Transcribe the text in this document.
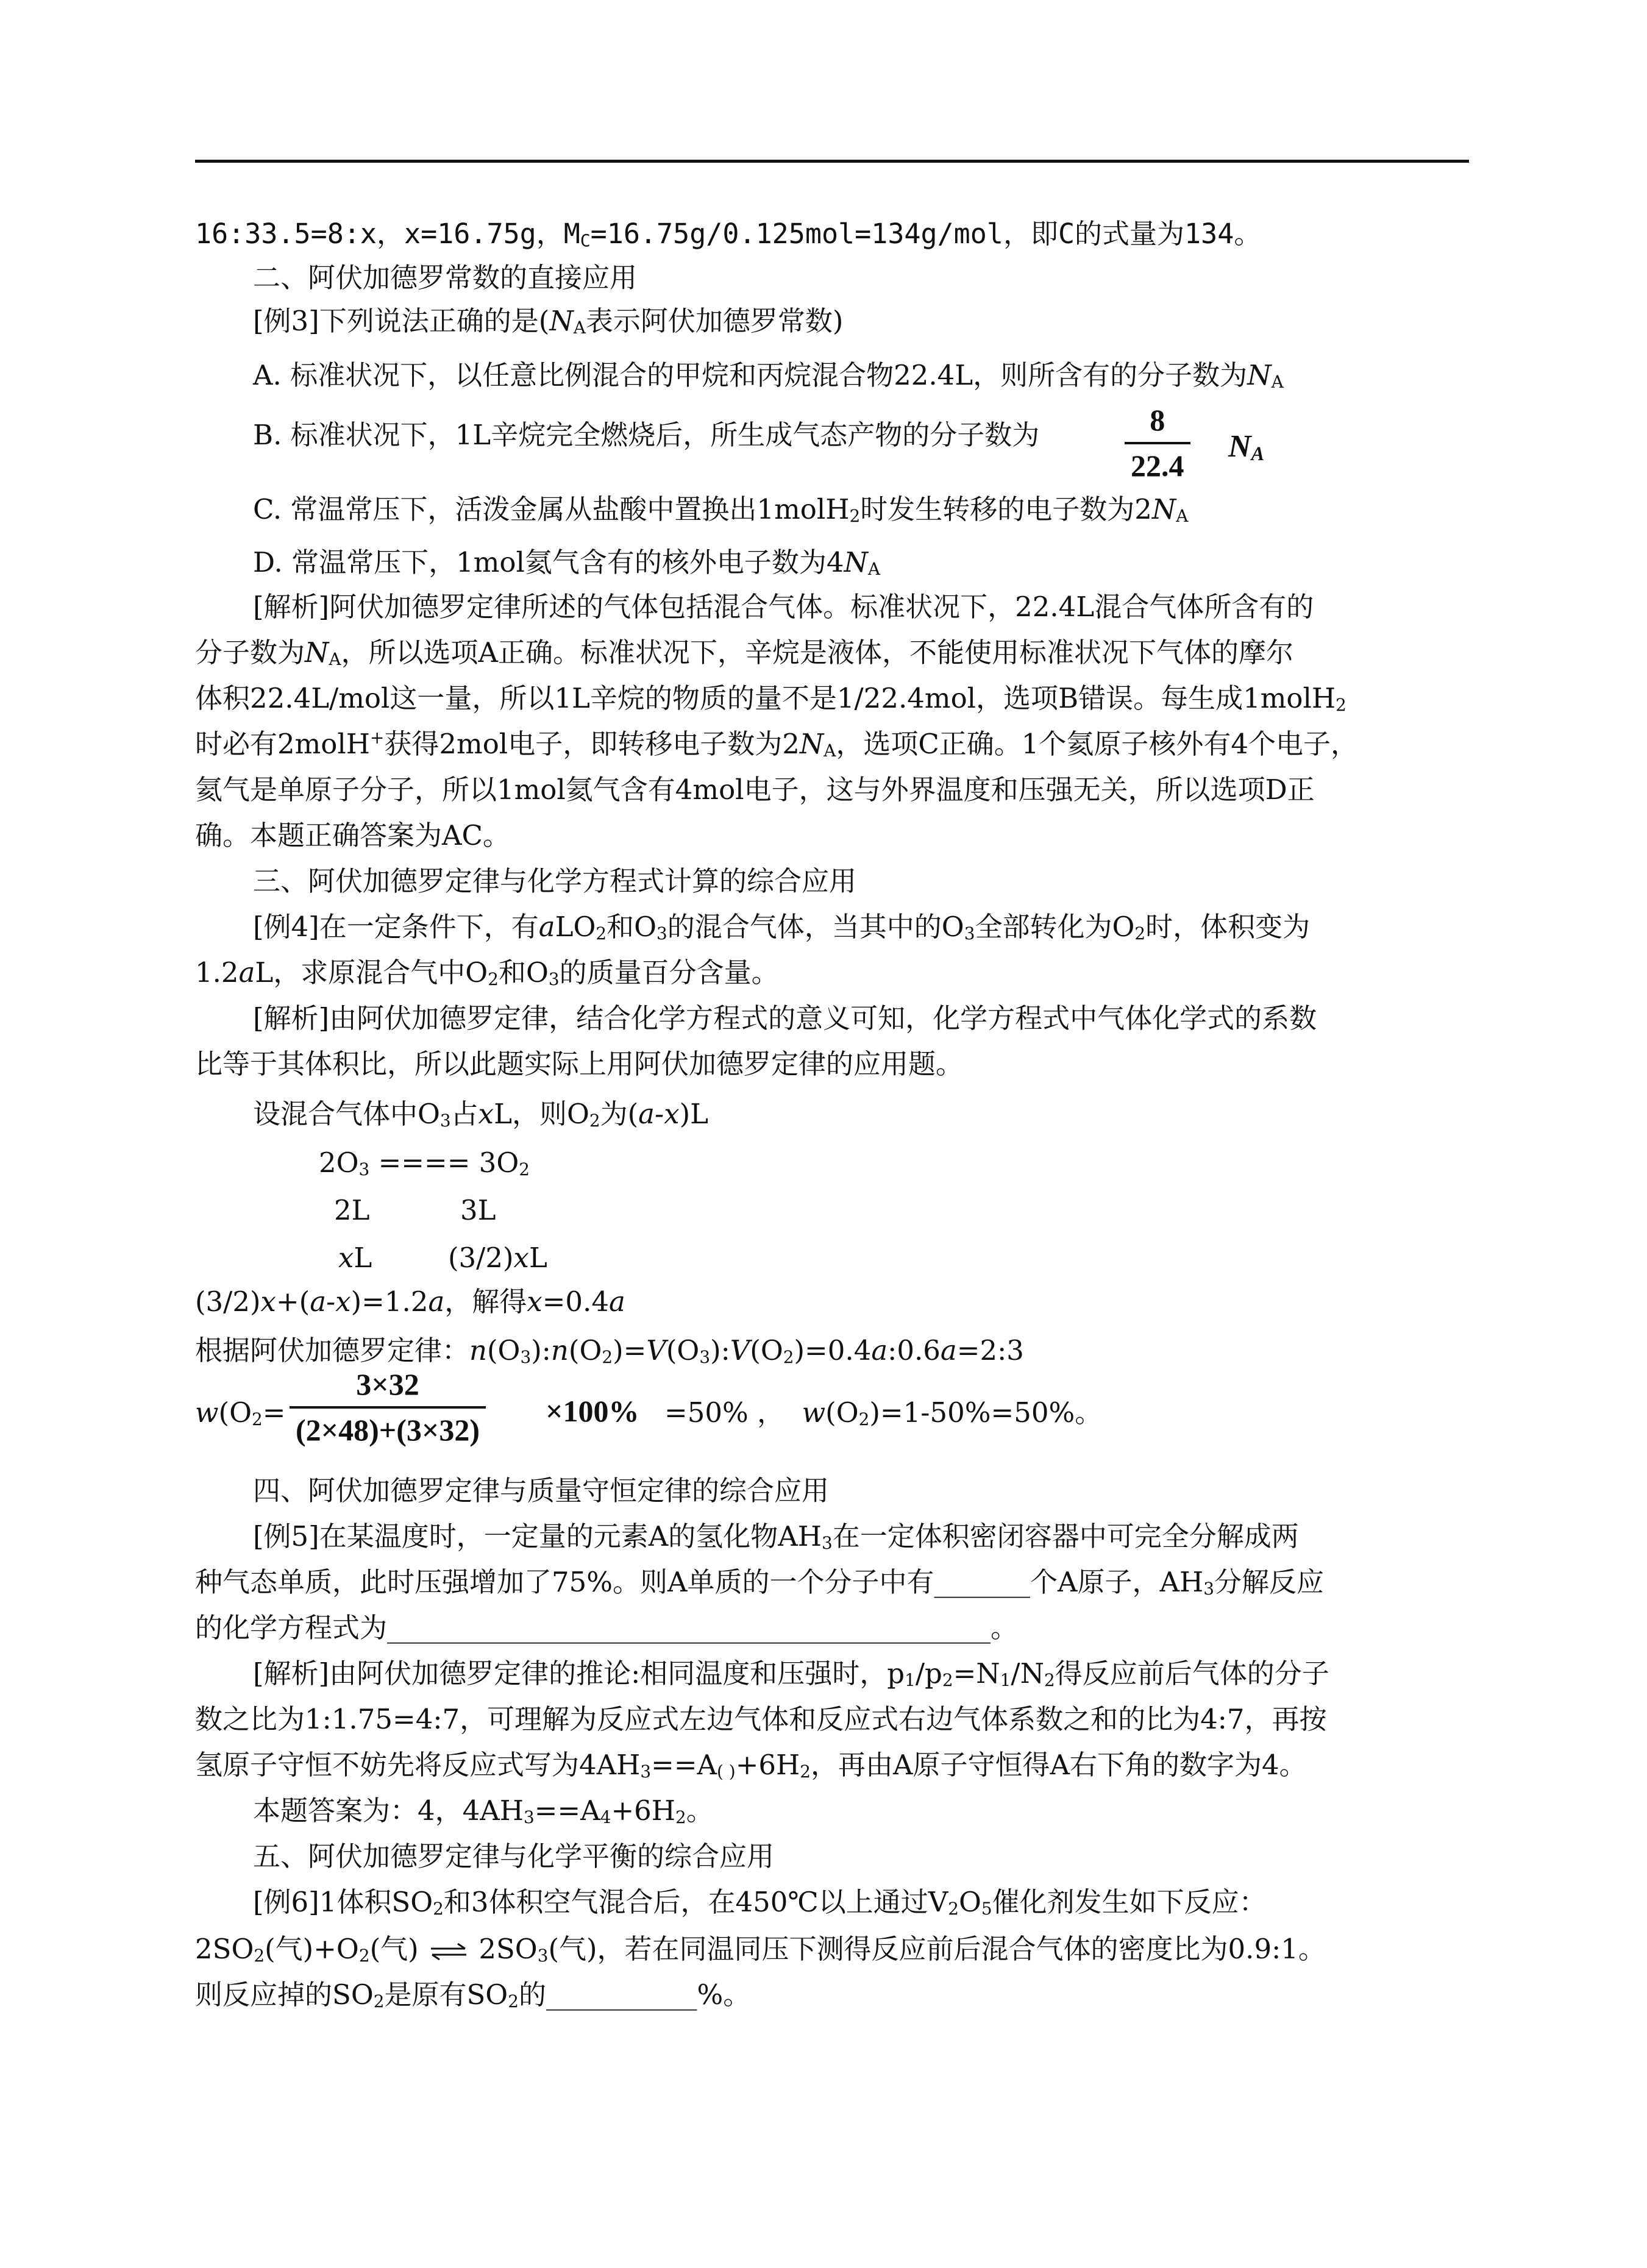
16:33.5=8:x，x=16.75g，$M_C=16.75g/0.125mol=134g$/mol，即C的式量为134。
二、阿伏加德罗常数的直接应用
[例3]下列说法正确的是($N_A$表示阿伏加德罗常数)
A. 标准状况下，以任意比例混合的甲烷和丙烷混合物22.4L，则所含有的分子数为$N_A$
B. 标准状况下，1L辛烷完全燃烧后，所生成气态产物的分子数为	8
22.4
$N_A$
C. 常温常压下，活泼金属从盐酸中置换出1molH$_2$时发生转移的电子数为$2N_A$
D. 常温常压下，1mol氦气含有的核外电子数为$4N_A$
[解析]阿伏加德罗定律所述的气体包括混合气体。标准状况下，22.4L混合气体所含有的
分子数为$N_A$，所以选项A正确。标准状况下，辛烷是液体，不能使用标准状况下气体的摩尔
体积22.4L/mol这一量，所以1L辛烷的物质的量不是1/22.4mol，选项B错误。每生成1molH$_2$
时必有2molH+获得2mol电子，即转移电子数为$2N_A$，选项C正确。1个氦原子核外有4个电子，
氦气是单原子分子，所以1mol氦气含有4mol电子，这与外界温度和压强无关，所以选项D正
确。本题正确答案为AC。
三、阿伏加德罗定律与化学方程式计算的综合应用
[例4]在一定条件下，有aLO$_2$和$O_3$的混合气体，当其中的$O_3$全部转化为$O_2$时，体积变为
1.2aL，求原混合气中$O_2$和$O_3$的质量百分含量。
[解析]由阿伏加德罗定律，结合化学方程式的意义可知，化学方程式中气体化学式的系数
比等于其体积比，所以此题实际上用阿伏加德罗定律的应用题。
设混合气体中$O_3$占xL，则$O_2$为(a-x)L
$2O_3$ ==== $3O_2$
2L	3L
xL	(3/2)xL
(3/2)x+(a-x)=1.2a，解得x=0.4a
根据阿伏加德罗定律：$n(O_3):n(O_2)=V(O_3):V(O_2)=0.4a:0.6a=2:3$
$w(O_2=$
3×32
(2×48)+(3×32)
×100% =50% ， $w(O_2)=1-50\%=50\%$。
四、阿伏加德罗定律与质量守恒定律的综合应用
[例5]在某温度时，一定量的元素A的氢化物$AH_3$在一定体积密闭容器中可完全分解成两
种气态单质，此时压强增加了75%。则A单质的一个分子中有_______个A原子，$AH_3$分解反应
的化学方程式为____________________________________________。
[解析]由阿伏加德罗定律的推论:相同温度和压强时，$p_1/p_2=N_1/N_2$得反应前后气体的分子
数之比为1:1.75=4:7，可理解为反应式左边气体和反应式右边气体系数之和的比为4:7，再按
氢原子守恒不妨先将反应式写为$4AH_3==A_{( )}+6H_2$，再由A原子守恒得A右下角的数字为4。
本题答案为：4，$4AH_3==A_4+6H_2$。
五、阿伏加德罗定律与化学平衡的综合应用
[例6]1体积$SO_2$和3体积空气混合后，在450℃以上通过$V_2O_5$催化剂发生如下反应：
$2SO_2$(气)$+O_2$(气) ⇌ $2SO_3$(气)，若在同温同压下测得反应前后混合气体的密度比为0.9:1。
则反应掉的$SO_2$是原有$SO_2$的___________%。
